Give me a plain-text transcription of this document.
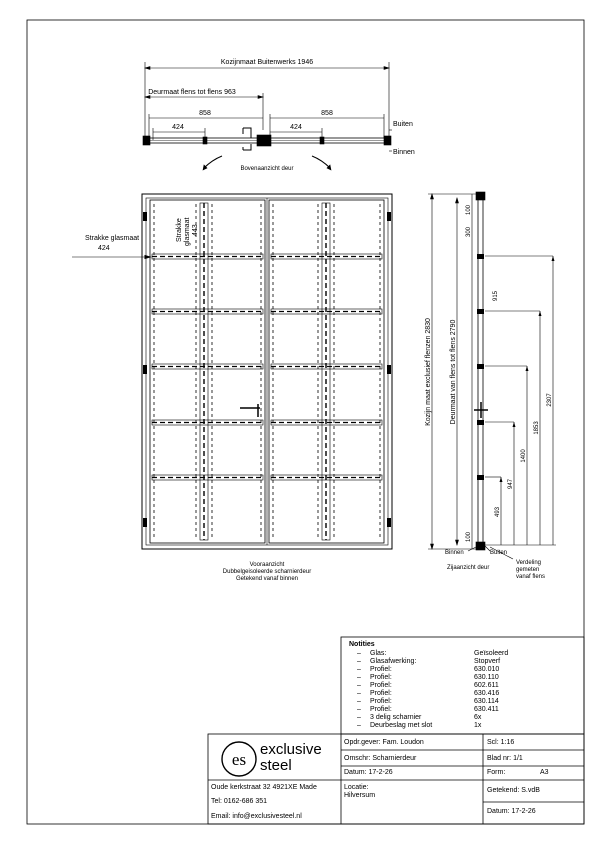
Kozijnmaat Buitenwerks 1946
Deurmaat flens tot flens 963
858	858
424	424	Buiten
Binnen
Bovenaanzicht deur
Strakke glasmaat
424
Strakke glasmaat 443
Vooraanzicht
Dubbelgeisoleerde scharnierdeur
Getekend vanaf binnen
Kozijn maat exclusief flenzen 2830	Deurmaat van flens tot flens 2790
100
300
915
2307
1853
1400
947
493
100
Binnen	Buiten
Zijaanzicht deur
Verdeling
gemeten
vanaf flens
Notities
– Glas:	Geïsoleerd
– Glasafwerking:	Stopverf
– Profiel:	630.010
– Profiel:	630.110
– Profiel:	602.611
– Profiel:	630.416
– Profiel:	630.114
– Profiel:	630.411
– 3 delig scharnier	6x
– Deurbeslag met slot	1x
es
exclusive
steel
Oude kerkstraat 32 4921XE Made
Tel: 0162-686 351
Email: info@exclusivesteel.nl
Opdr.gever: Fam. Loudon
Omschr: Scharnierdeur
Datum: 17-2-26
Locatie:
Hilversum
Scl: 1:16
Blad nr: 1/1
Form:	A3
Getekend: S.vdB
Datum: 17-2-26
